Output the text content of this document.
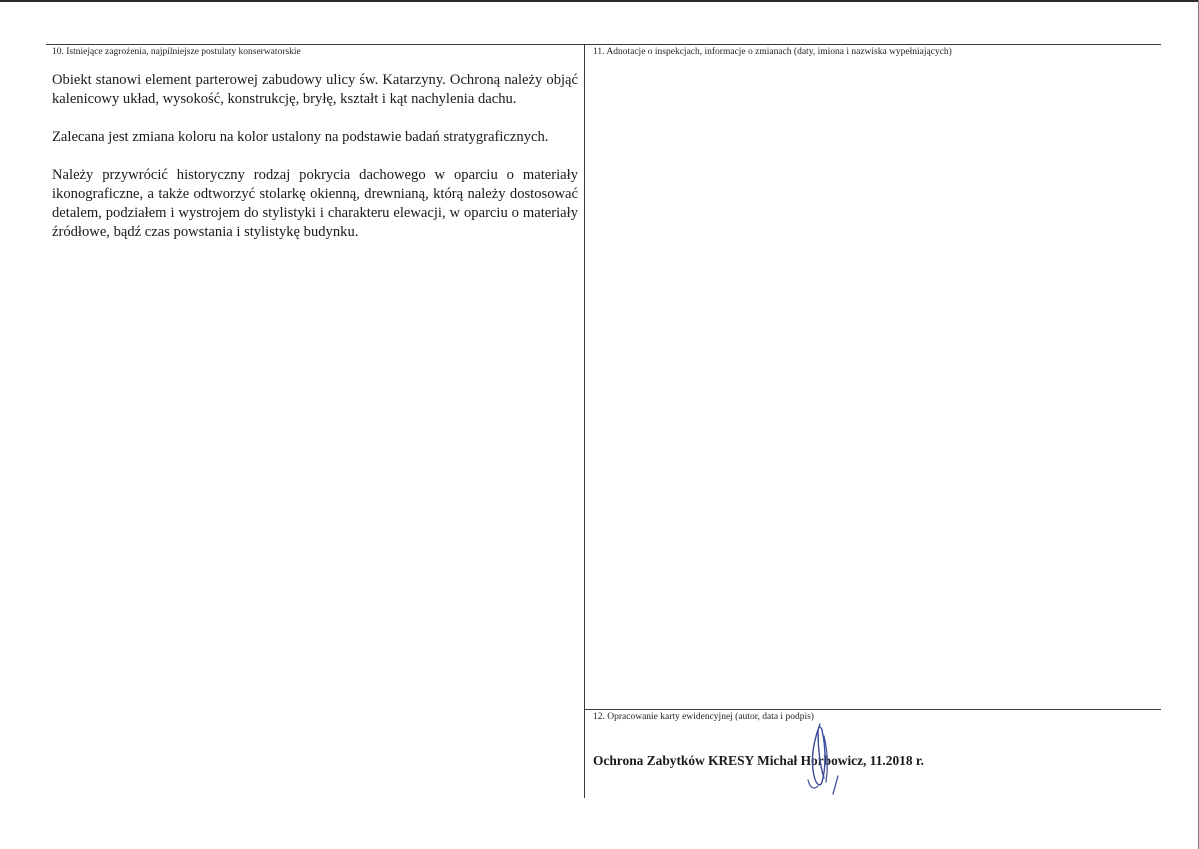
10. Istniejące zagrożenia, najpilniejsze postulaty konserwatorskie	11. Adnotacje o inspekcjach, informacje o zmianach (daty, imiona i nazwiska wypełniających)
12. Opracowanie karty ewidencyjnej (autor, data i podpis)

Obiekt stanowi element parterowej zabudowy ulicy św. Katarzyny. Ochroną należy objąć kalenicowy układ, wysokość, konstrukcję, bryłę, kształt i kąt nachylenia dachu.

Zalecana jest zmiana koloru na kolor ustalony na podstawie badań stratygraficznych.

Należy przywrócić historyczny rodzaj pokrycia dachowego w oparciu o materiały ikonograficzne, a także odtworzyć stolarkę okienną, drewnianą, którą należy dostosować detalem, podziałem i wystrojem do stylistyki i charakteru elewacji, w oparciu o materiały źródłowe, bądź czas powstania i stylistykę budynku.

Ochrona Zabytków KRESY Michał Horbowicz, 11.2018 r.
